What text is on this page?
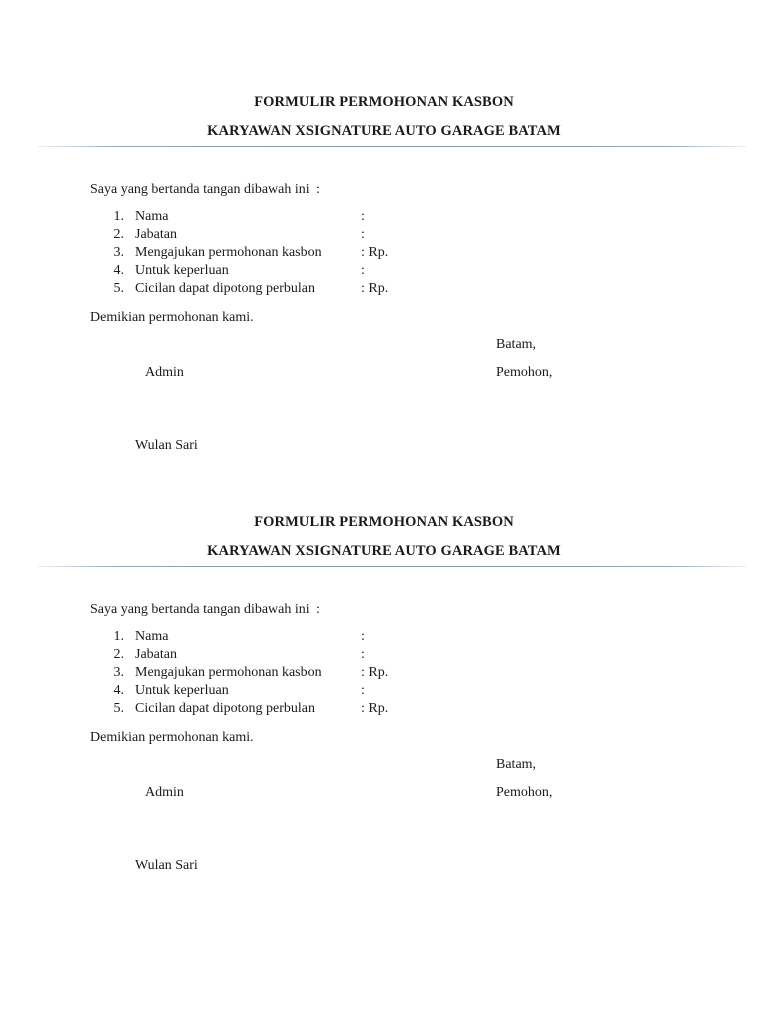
FORMULIR PERMOHONAN KASBON
KARYAWAN XSIGNATURE AUTO GARAGE BATAM
Saya yang bertanda tangan dibawah ini :
1. Nama	:
2. Jabatan	:
3. Mengajukan permohonan kasbon	: Rp.
4. Untuk keperluan	:
5. Cicilan dapat dipotong perbulan	: Rp.
Demikian permohonan kami.
Batam,
Admin	Pemohon,
Wulan Sari
FORMULIR PERMOHONAN KASBON
KARYAWAN XSIGNATURE AUTO GARAGE BATAM
Saya yang bertanda tangan dibawah ini :
1. Nama	:
2. Jabatan	:
3. Mengajukan permohonan kasbon	: Rp.
4. Untuk keperluan	:
5. Cicilan dapat dipotong perbulan	: Rp.
Demikian permohonan kami.
Batam,
Admin	Pemohon,
Wulan Sari
